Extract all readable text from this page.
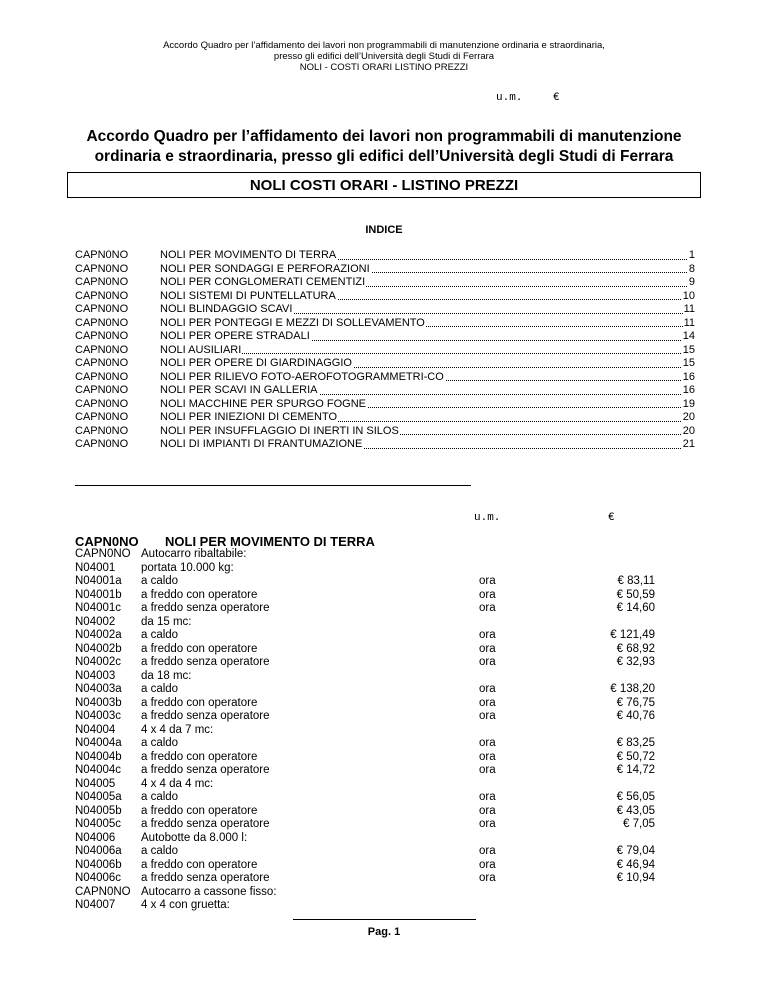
Accordo Quadro per l’affidamento dei lavori non programmabili di manutenzione ordinaria e straordinaria,
presso gli edifici dell’Università degli Studi di Ferrara
NOLI - COSTI ORARI LISTINO PREZZI
u.m.	€
Accordo Quadro per l’affidamento dei lavori non programmabili di manutenzione
ordinaria e straordinaria, presso gli edifici dell’Università degli Studi di Ferrara
NOLI COSTI ORARI - LISTINO PREZZI
INDICE
CAPN0NO	NOLI PER MOVIMENTO DI TERRA	1
CAPN0NO	NOLI PER SONDAGGI E PERFORAZIONI	8
CAPN0NO	NOLI PER CONGLOMERATI CEMENTIZI	9
CAPN0NO	NOLI SISTEMI DI PUNTELLATURA	10
CAPN0NO	NOLI BLINDAGGIO SCAVI	11
CAPN0NO	NOLI PER PONTEGGI E MEZZI DI SOLLEVAMENTO	11
CAPN0NO	NOLI PER OPERE STRADALI	14
CAPN0NO	NOLI AUSILIARI	15
CAPN0NO	NOLI PER OPERE DI GIARDINAGGIO	15
CAPN0NO	NOLI PER RILIEVO FOTO-AEROFOTOGRAMMETRI-CO	16
CAPN0NO	NOLI PER SCAVI IN GALLERIA	16
CAPN0NO	NOLI MACCHINE PER SPURGO FOGNE	19
CAPN0NO	NOLI PER INIEZIONI DI CEMENTO	20
CAPN0NO	NOLI PER INSUFFLAGGIO DI INERTI IN SILOS	20
CAPN0NO	NOLI DI IMPIANTI DI FRANTUMAZIONE	21
u.m.	€
CAPN0NO NOLI PER MOVIMENTO DI TERRA
CAPN0NO Autocarro ribaltabile:
N04001 portata 10.000 kg:
N04001a a caldo	ora	€ 83,11
N04001b a freddo con operatore	ora	€ 50,59
N04001c a freddo senza operatore	ora	€ 14,60
N04002 da 15 mc:
N04002a a caldo	ora	€ 121,49
N04002b a freddo con operatore	ora	€ 68,92
N04002c a freddo senza operatore	ora	€ 32,93
N04003 da 18 mc:
N04003a a caldo	ora	€ 138,20
N04003b a freddo con operatore	ora	€ 76,75
N04003c a freddo senza operatore	ora	€ 40,76
N04004 4 x 4 da 7 mc:
N04004a a caldo	ora	€ 83,25
N04004b a freddo con operatore	ora	€ 50,72
N04004c a freddo senza operatore	ora	€ 14,72
N04005 4 x 4 da 4 mc:
N04005a a caldo	ora	€ 56,05
N04005b a freddo con operatore	ora	€ 43,05
N04005c a freddo senza operatore	ora	€ 7,05
N04006 Autobotte da 8.000 l:
N04006a a caldo	ora	€ 79,04
N04006b a freddo con operatore	ora	€ 46,94
N04006c a freddo senza operatore	ora	€ 10,94
CAPN0NO Autocarro a cassone fisso:
N04007 4 x 4 con gruetta:
Pag. 1
